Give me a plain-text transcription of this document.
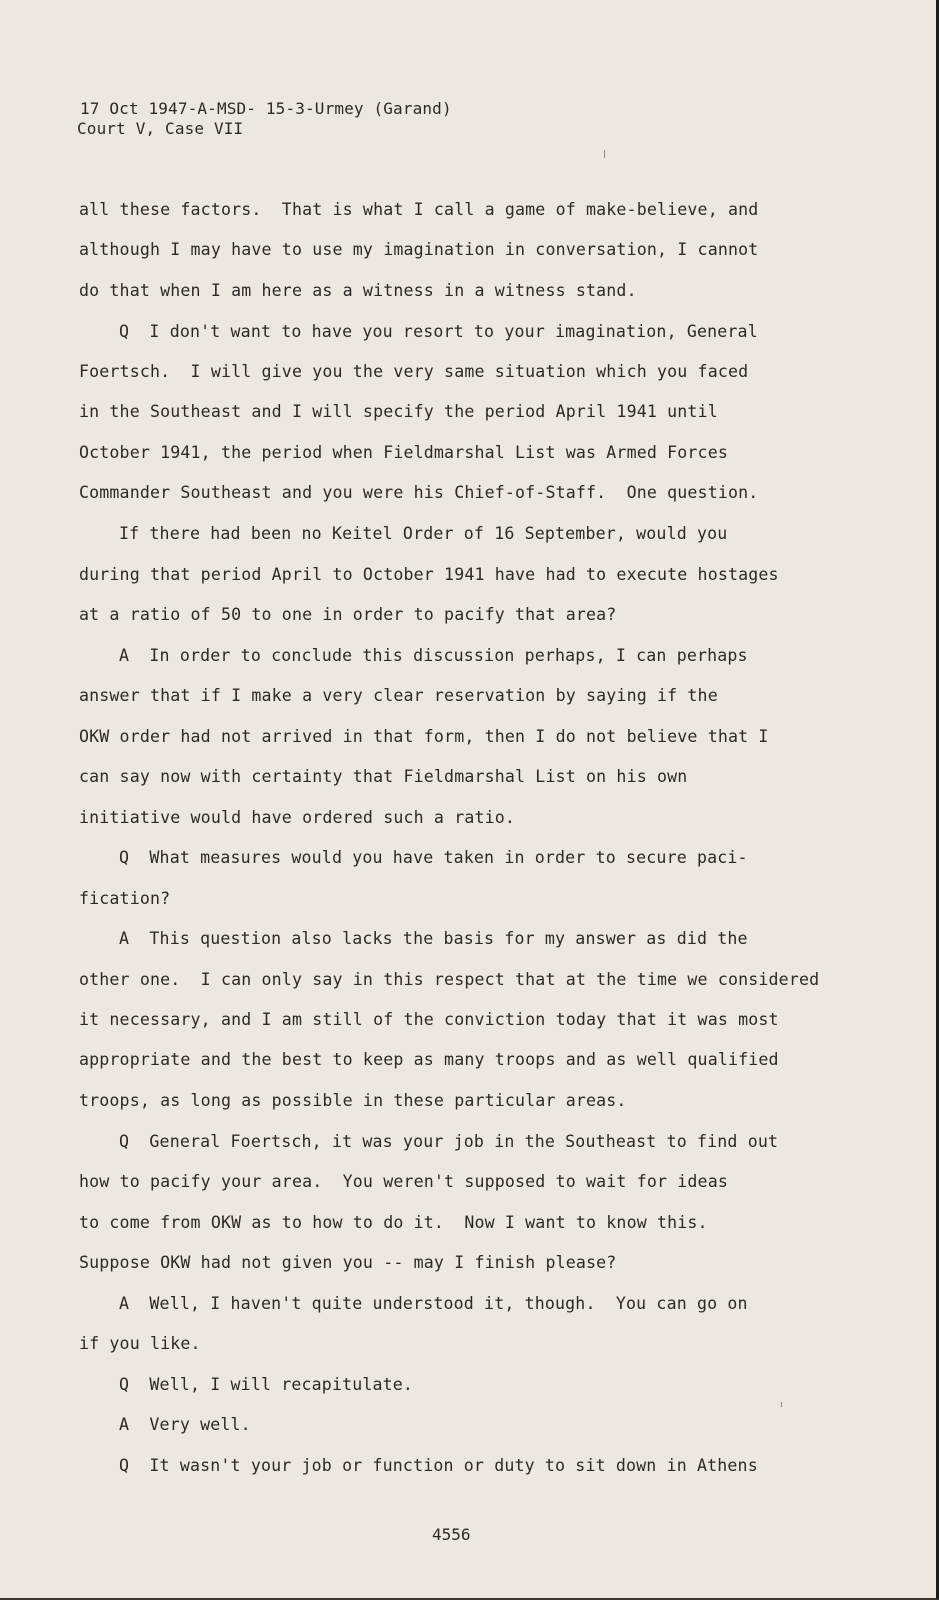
17 Oct 1947-A-MSD- 15-3-Urmey (Garand)
Court V, Case VII
all these factors.  That is what I call a game of make-believe, and
although I may have to use my imagination in conversation, I cannot
do that when I am here as a witness in a witness stand.
Q  I don't want to have you resort to your imagination, General
Foertsch.  I will give you the very same situation which you faced
in the Southeast and I will specify the period April 1941 until
October 1941, the period when Fieldmarshal List was Armed Forces
Commander Southeast and you were his Chief-of-Staff.  One question.
If there had been no Keitel Order of 16 September, would you
during that period April to October 1941 have had to execute hostages
at a ratio of 50 to one in order to pacify that area?
A  In order to conclude this discussion perhaps, I can perhaps
answer that if I make a very clear reservation by saying if the
OKW order had not arrived in that form, then I do not believe that I
can say now with certainty that Fieldmarshal List on his own
initiative would have ordered such a ratio.
Q  What measures would you have taken in order to secure paci-
fication?
A  This question also lacks the basis for my answer as did the
other one.  I can only say in this respect that at the time we considered
it necessary, and I am still of the conviction today that it was most
appropriate and the best to keep as many troops and as well qualified
troops, as long as possible in these particular areas.
Q  General Foertsch, it was your job in the Southeast to find out
how to pacify your area.  You weren't supposed to wait for ideas
to come from OKW as to how to do it.  Now I want to know this.
Suppose OKW had not given you -- may I finish please?
A  Well, I haven't quite understood it, though.  You can go on
if you like.
Q  Well, I will recapitulate.
A  Very well.
Q  It wasn't your job or function or duty to sit down in Athens
4556
